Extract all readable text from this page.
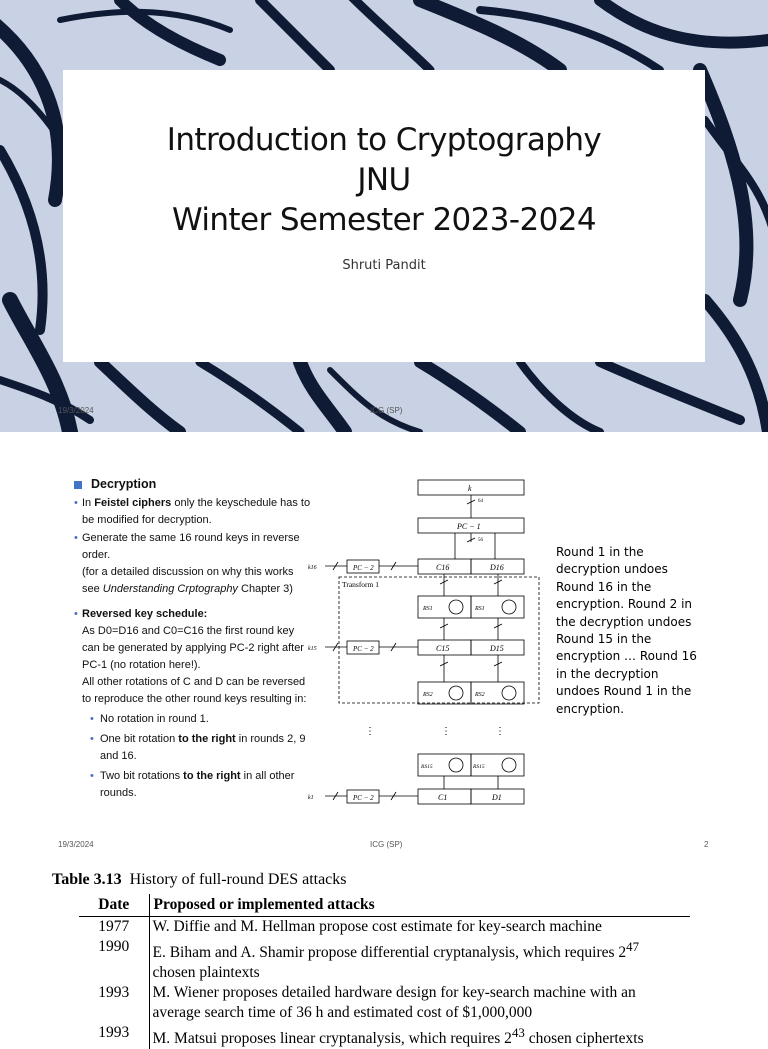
Introduction to Cryptography
JNU
Winter Semester 2023-2024
Shruti Pandit
19/3/2024	ICG (SP)
Decryption
• In Feistel ciphers only the keyschedule has to be modified for decryption.
• Generate the same 16 round keys in reverse order.
(for a detailed discussion on why this works see Understanding Crptography Chapter 3)
• Reversed key schedule:
As D0=D16 and C0=C16 the first round key can be generated by applying PC-2 right after PC-1 (no rotation here!).
All other rotations of C and D can be reversed to reproduce the other round keys resulting in:
• No rotation in round 1.
• One bit rotation to the right in rounds 2, 9 and 16.
• Two bit rotations to the right in all other rounds.
k
PC − 1
64
56
C16	D16
PC − 2
k16
Transform 1
RS1	RS1
C15	D15
PC − 2
k15
RS2	RS2
⋮	⋮	⋮
RS15	RS15
C1	D1
PC − 2
k1
Round 1 in the decryption undoes Round 16 in the encryption. Round 2 in the decryption undoes Round 15 in the encryption … Round 16 in the decryption undoes Round 1 in the encryption.
19/3/2024	ICG (SP)	2
Table 3.13 History of full-round DES attacks
Date	Proposed or implemented attacks
1977	W. Diffie and M. Hellman propose cost estimate for key-search machine
1990	E. Biham and A. Shamir propose differential cryptanalysis, which requires $2^{47}$
chosen plaintexts
1993	M. Wiener proposes detailed hardware design for key-search machine with an
average search time of 36 h and estimated cost of $1,000,000
1993	M. Matsui proposes linear cryptanalysis, which requires $2^{43}$ chosen ciphertexts
